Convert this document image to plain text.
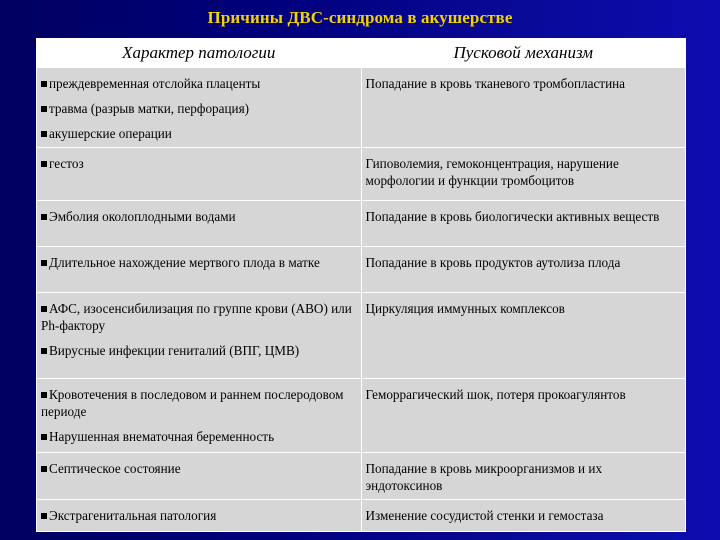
Причины ДВС-синдрома в акушерстве
Характер патологии	Пусковой механизм

преждевременная отслойка плаценты
травма (разрыв матки, перфорация)
акушерские операции	Попадание в кровь тканевого тромбопластина

гестоз	Гиповолемия, гемоконцентрация, нарушение морфологии и функции тромбоцитов

Эмболия околоплодными водами	Попадание в кровь биологически активных веществ

Длительное нахождение мертвого плода в матке	Попадание в кровь продуктов аутолиза плода

АФС, изосенсибилизация по группе крови (АВО) или Рh-фактору
Вирусные инфекции гениталий (ВПГ, ЦМВ)	Циркуляция иммунных комплексов

Кровотечения в последовом и раннем послеродовом периоде
Нарушенная внематочная беременность	Геморрагический шок, потеря прокоагулянтов

Септическое состояние	Попадание в кровь микроорганизмов и их эндотоксинов

Экстрагенитальная патология	Изменение сосудистой стенки и гемостаза
